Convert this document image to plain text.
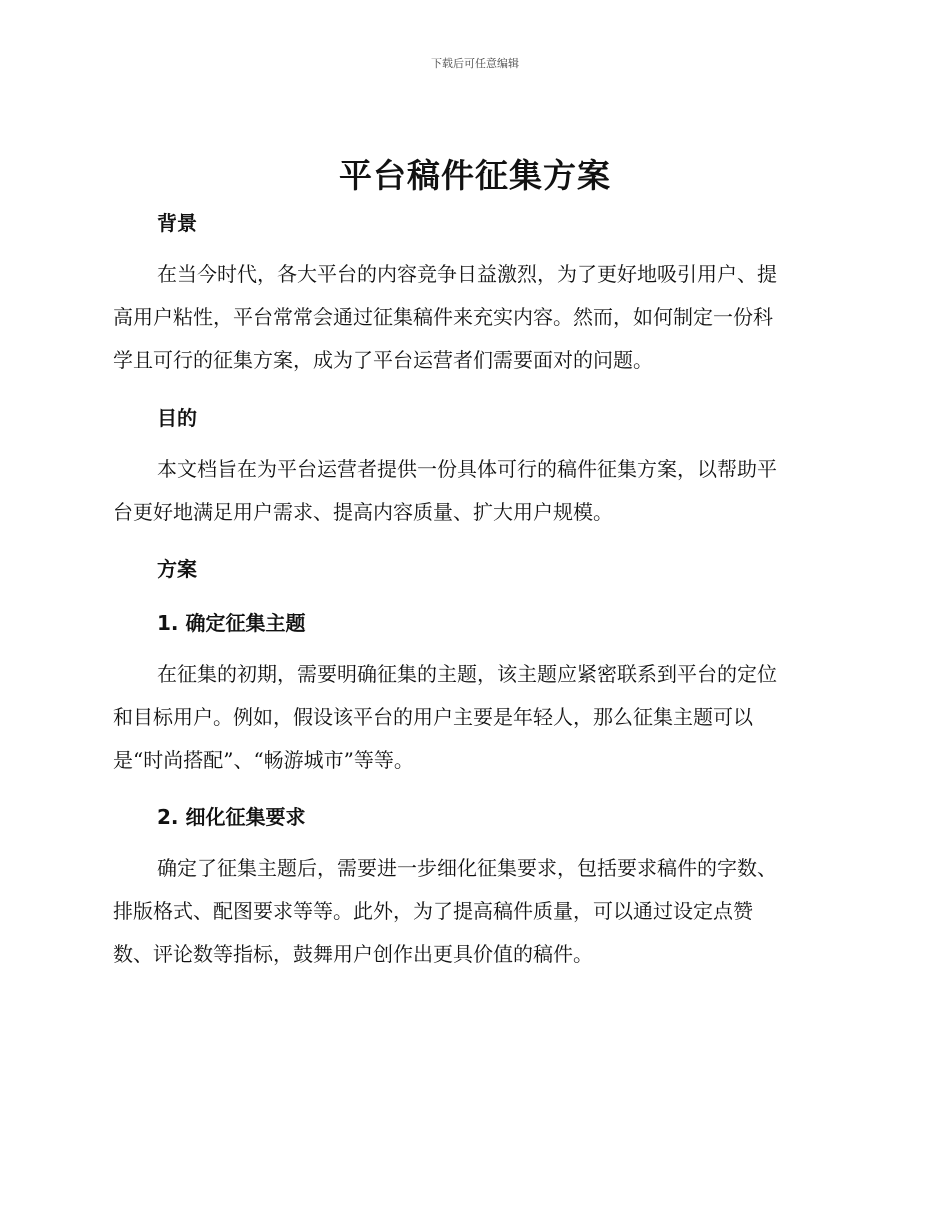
下载后可任意编辑
平台稿件征集方案
背景
在当今时代，各大平台的内容竞争日益激烈，为了更好地吸引用户、提
高用户粘性，平台常常会通过征集稿件来充实内容。然而，如何制定一份科
学且可行的征集方案，成为了平台运营者们需要面对的问题。
目的
本文档旨在为平台运营者提供一份具体可行的稿件征集方案，以帮助平
台更好地满足用户需求、提高内容质量、扩大用户规模。
方案
1. 确定征集主题
在征集的初期，需要明确征集的主题，该主题应紧密联系到平台的定位
和目标用户。例如，假设该平台的用户主要是年轻人，那么征集主题可以
是“时尚搭配”、“畅游城市”等等。
2. 细化征集要求
确定了征集主题后，需要进一步细化征集要求，包括要求稿件的字数、
排版格式、配图要求等等。此外，为了提高稿件质量，可以通过设定点赞
数、评论数等指标，鼓舞用户创作出更具价值的稿件。
